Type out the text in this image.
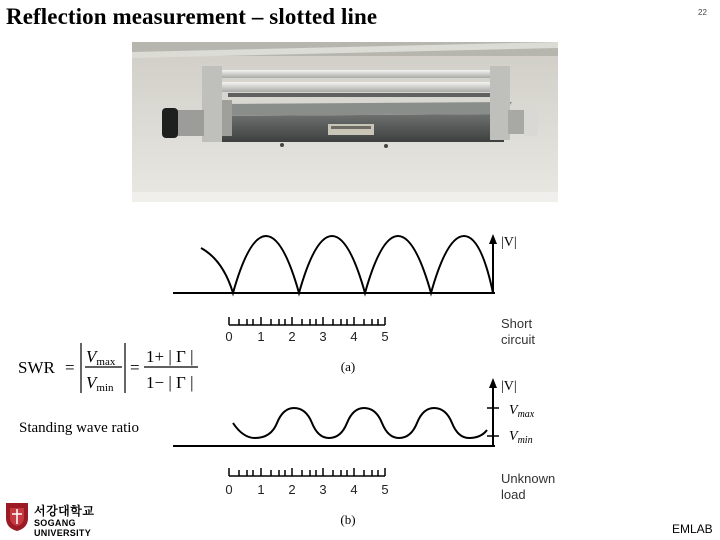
Reflection measurement – slotted line	22
|V|
0 1 2 3 4 5
Short
circuit
(a)
|V|
$V_{max}$
$V_{min}$
0 1 2 3 4 5
Unknown
load
(b)
SWR =
Vmax
Vmin
=
1+ | Γ |
1− | Γ |
Standing wave ratio
서강대학교
SOGANG UNIVERSITY	EMLAB
